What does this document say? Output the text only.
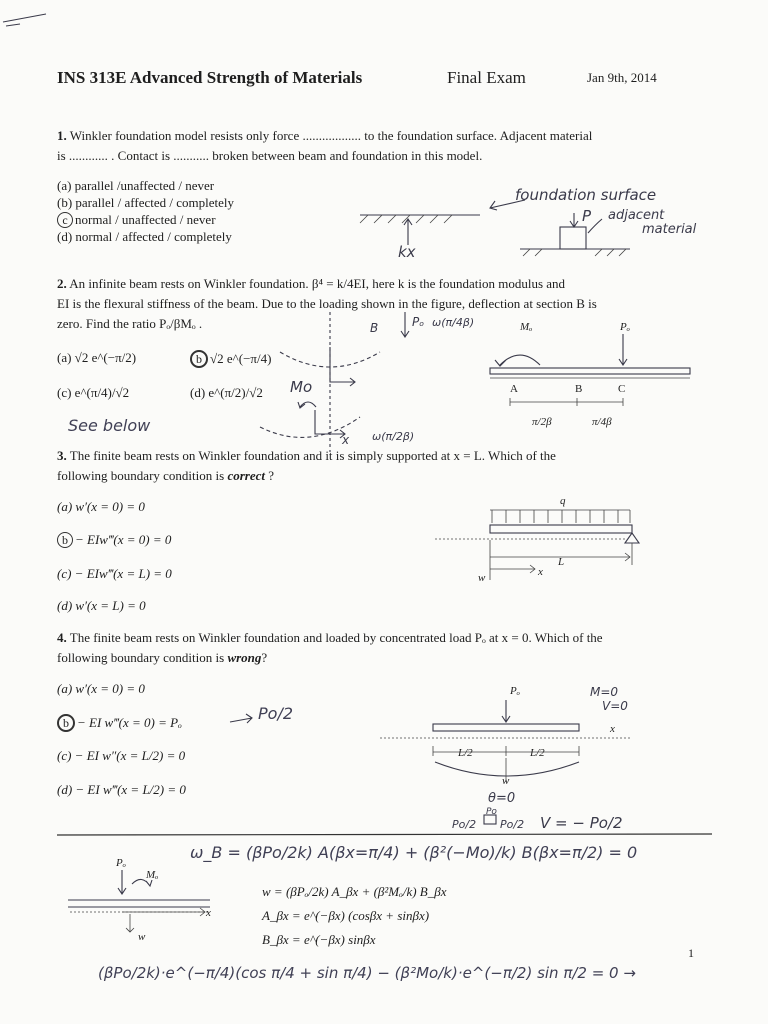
INS 313E Advanced Strength of Materials	Final Exam	Jan 9th, 2014
1. Winkler foundation model resists only force .................. to the foundation surface. Adjacent material
is ............ . Contact is ........... broken between beam and foundation in this model.
(a) parallel /unaffected / never
(b) parallel / affected / completely
c normal / unaffected / never
(d) normal / affected / completely
kx
foundation surface
P adjacent
material
2. An infinite beam rests on Winkler foundation. β⁴ = k/4EI, here k is the foundation modulus and
EI is the flexural stiffness of the beam. Due to the loading shown in the figure, deflection at section B is
zero. Find the ratio Pₒ/βMₒ .
(a) √2 e^(−π/2)	b √2 e^(−π/4)
(c) e^(π/4)/√2	(d) e^(π/2)/√2
See below
B	Pₒ ω(π/4β)
Mo
x ω(π/2β)
Mₒ	Pₒ
A	B	C
π/2β	π/4β
3. The finite beam rests on Winkler foundation and it is simply supported at x = L. Which of the
following boundary condition is correct ?
(a) w′(x = 0) = 0
b − EIw‴(x = 0) = 0
(c) − EIw‴(x = L) = 0
(d) w′(x = L) = 0
q
L
x
w
4. The finite beam rests on Winkler foundation and loaded by concentrated load Pₒ at x = 0. Which of the
following boundary condition is wrong?
(a) w′(x = 0) = 0
b − EI w‴(x = 0) = Pₒ	Po/2
(c) − EI w″(x = L/2) = 0
(d) − EI w‴(x = L/2) = 0
Pₒ
x
M=0
V=0
L/2	L/2
w
θ=0
Po/2
Po
Po/2 V = − Po/2
ω_B = (βPo/2k) A(βx=π/4) + (β²(−Mo)/k) B(βx=π/2) = 0
Pₒ
Mₒ
x
w
w = (βPₒ/2k) A_βx + (β²Mₒ/k) B_βx
A_βx = e^(−βx) (cosβx + sinβx)
B_βx = e^(−βx) sinβx
(βPo/2k)·e^(−π/4)(cos π/4 + sin π/4) − (β²Mo/k)·e^(−π/2) sin π/2 = 0 →
1
